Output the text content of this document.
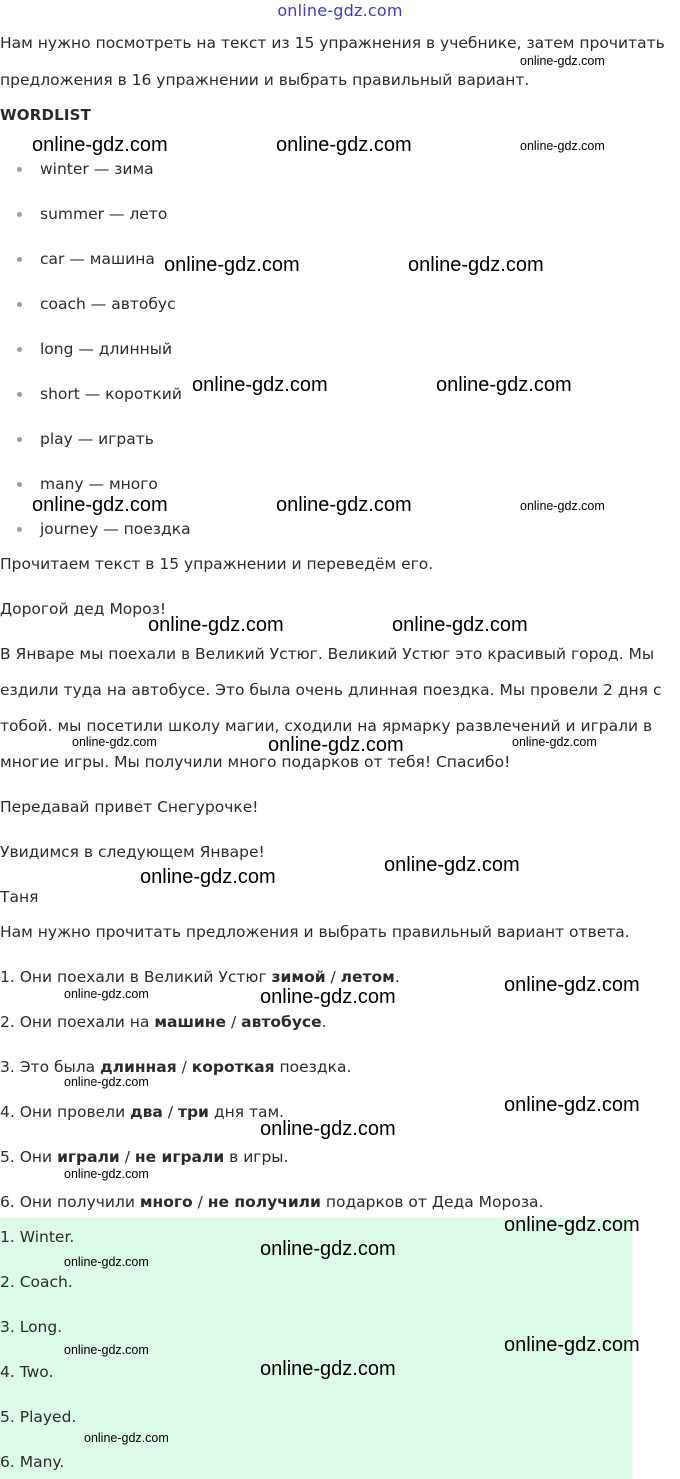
online-gdz.com
Нам нужно посмотреть на текст из 15 упражнения в учебнике, затем прочитать
предложения в 16 упражнении и выбрать правильный вариант.
WORDLIST
winter — зима
summer — лето
car — машина
coach — автобус
long — длинный
short — короткий
play — играть
many — много
journey — поездка
Прочитаем текст в 15 упражнении и переведём его.
Дорогой дед Мороз!
В Январе мы поехали в Великий Устюг. Великий Устюг это красивый город. Мы
ездили туда на автобусе. Это была очень длинная поездка. Мы провели 2 дня с
тобой. мы посетили школу магии, сходили на ярмарку развлечений и играли в
многие игры. Мы получили много подарков от тебя! Спасибо!
Передавай привет Снегурочке!
Увидимся в следующем Январе!
Таня
Нам нужно прочитать предложения и выбрать правильный вариант ответа.
1. Они поехали в Великий Устюг зимой / летом.
2. Они поехали на машине / автобусе.
3. Это была длинная / короткая поездка.
4. Они провели два / три дня там.
5. Они играли / не играли в игры.
6. Они получили много / не получили подарков от Деда Мороза.
1. Winter.
2. Coach.
3. Long.
4. Two.
5. Played.
6. Many.
online-gdz.com	online-gdz.com	online-gdz.com
online-gdz.com
online-gdz.com	online-gdz.com
online-gdz.com	online-gdz.com
online-gdz.com	online-gdz.com	online-gdz.com
online-gdz.com	online-gdz.com
online-gdz.com	online-gdz.com	online-gdz.com
online-gdz.com
online-gdz.com
online-gdz.com	online-gdz.com
online-gdz.com
online-gdz.com
online-gdz.com
online-gdz.com
online-gdz.com
online-gdz.com
online-gdz.com
online-gdz.com
online-gdz.com
online-gdz.com
online-gdz.com
online-gdz.com
